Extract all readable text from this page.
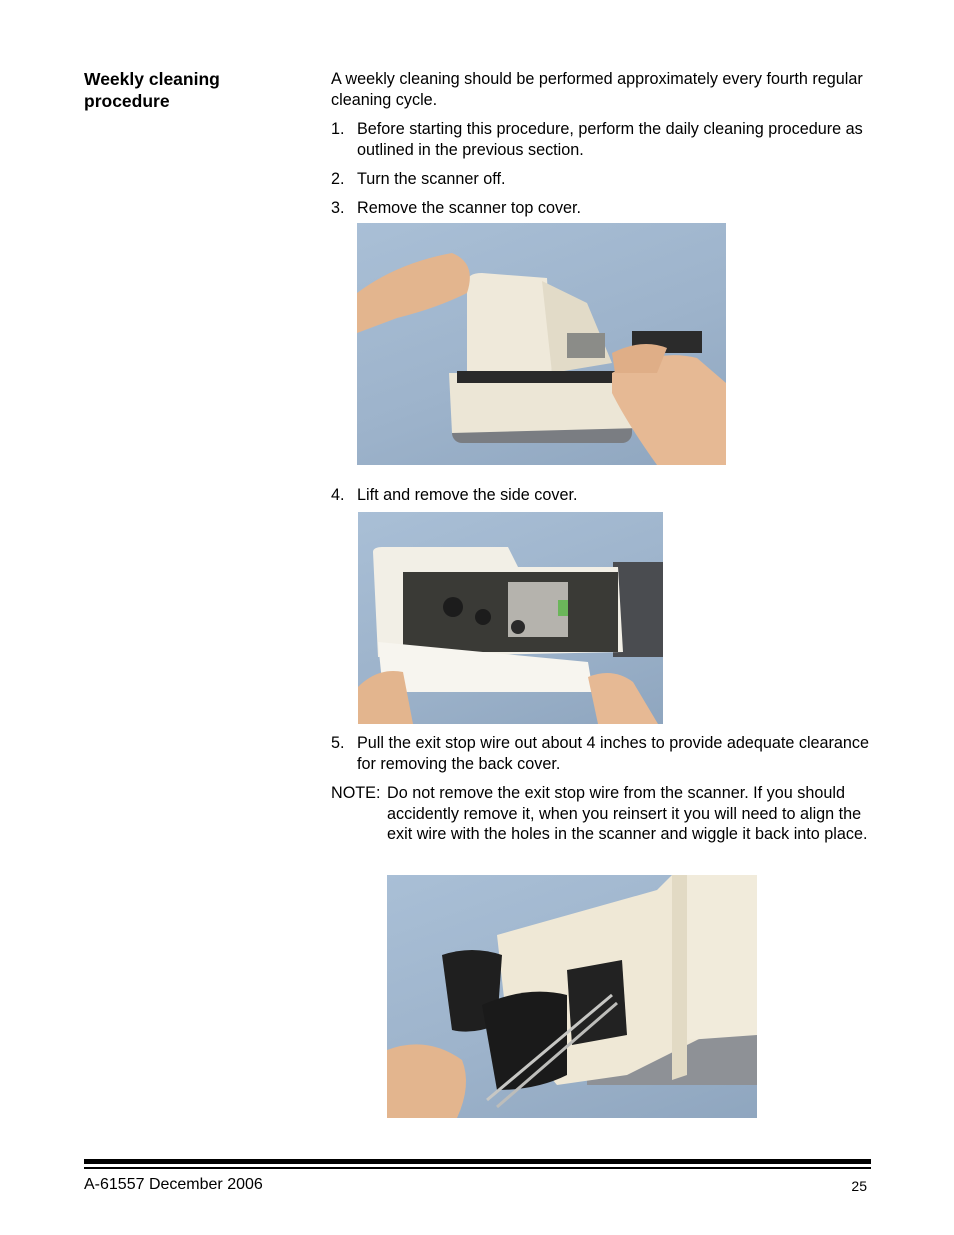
Weekly cleaning procedure
A weekly cleaning should be performed approximately every fourth regular cleaning cycle.
1. Before starting this procedure, perform the daily cleaning procedure as outlined in the previous section.
2. Turn the scanner off.
3. Remove the scanner top cover.
4. Lift and remove the side cover.
5. Pull the exit stop wire out about 4 inches to provide adequate clearance for removing the back cover.
NOTE: Do not remove the exit stop wire from the scanner. If you should accidently remove it, when you reinsert it you will need to align the exit wire with the holes in the scanner and wiggle it back into place.
A-61557 December 2006	25
